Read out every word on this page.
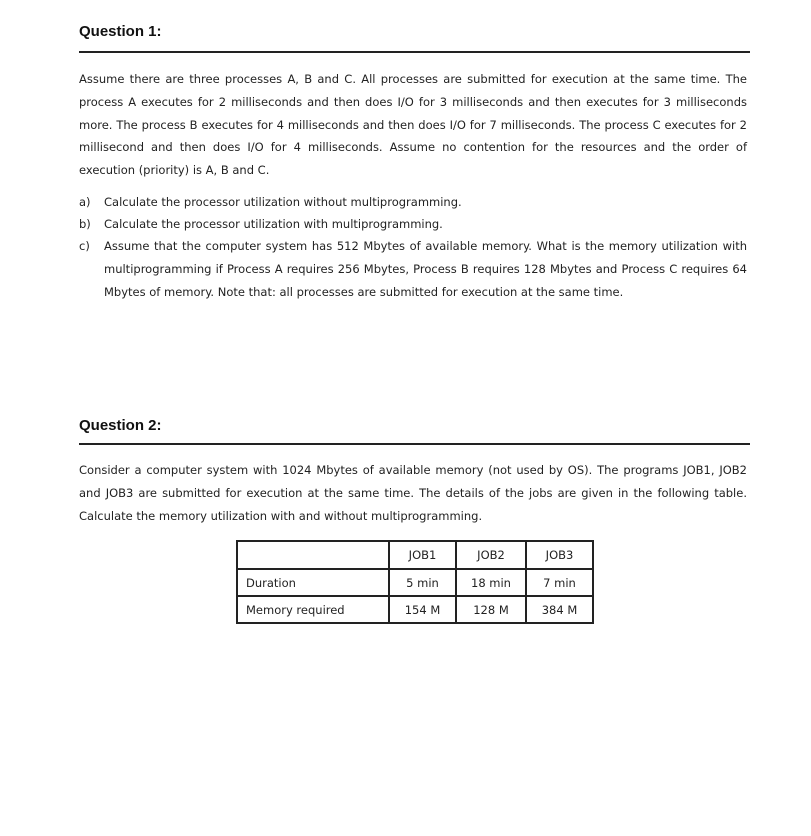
Question 1:
Assume there are three processes A, B and C. All processes are submitted for execution at the same time. The process A executes for 2 milliseconds and then does I/O for 3 milliseconds and then executes for 3 milliseconds more. The process B executes for 4 milliseconds and then does I/O for 7 milliseconds. The process C executes for 2 millisecond and then does I/O for 4 milliseconds. Assume no contention for the resources and the order of execution (priority) is A, B and C.
a)	Calculate the processor utilization without multiprogramming.
b)	Calculate the processor utilization with multiprogramming.
c)	Assume that the computer system has 512 Mbytes of available memory. What is the memory utilization with multiprogramming if Process A requires 256 Mbytes, Process B requires 128 Mbytes and Process C requires 64 Mbytes of memory. Note that: all processes are submitted for execution at the same time.
Question 2:
Consider a computer system with 1024 Mbytes of available memory (not used by OS). The programs JOB1, JOB2 and JOB3 are submitted for execution at the same time. The details of the jobs are given in the following table. Calculate the memory utilization with and without multiprogramming.
	JOB1	JOB2	JOB3
Duration	5 min	18 min	7 min
Memory required	154 M	128 M	384 M
